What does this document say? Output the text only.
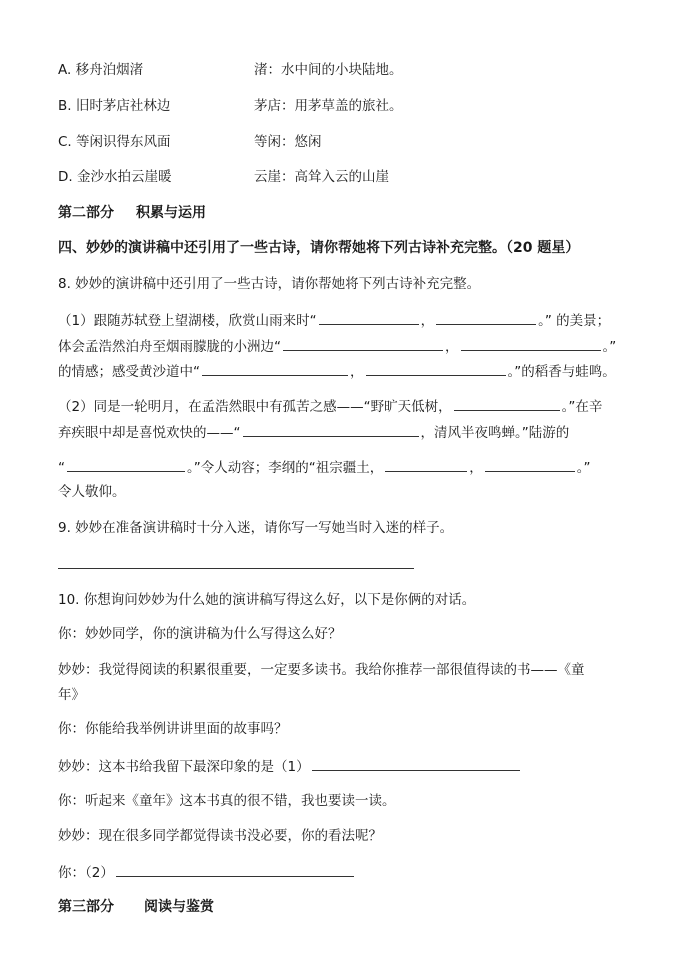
A. 移舟泊烟渚	渚：水中间的小块陆地。
B. 旧时茅店社林边	茅店：用茅草盖的旅社。
C. 等闲识得东风面	等闲：悠闲
D. 金沙水拍云崖暖	云崖：高耸入云的山崖
第二部分 积累与运用
四、妙妙的演讲稿中还引用了一些古诗，请你帮她将下列古诗补充完整。（20 题星）
8. 妙妙的演讲稿中还引用了一些古诗，请你帮她将下列古诗补充完整。
（1）跟随苏轼登上望湖楼，欣赏山雨来时“	，	。” 的美景；
体会孟浩然泊舟至烟雨朦胧的小洲边“	，	。”
的情感；感受黄沙道中“	，	。”的稻香与蛙鸣。
（2）同是一轮明月，在孟浩然眼中有孤苦之感——“野旷天低树，	。”在辛
弃疾眼中却是喜悦欢快的——“	，清风半夜鸣蝉。”陆游的
“	。”令人动容；李纲的“祖宗疆土，	，	。”
令人敬仰。
9. 妙妙在准备演讲稿时十分入迷，请你写一写她当时入迷的样子。
10. 你想询问妙妙为什么她的演讲稿写得这么好，以下是你俩的对话。
你：妙妙同学，你的演讲稿为什么写得这么好？
妙妙：我觉得阅读的积累很重要，一定要多读书。我给你推荐一部很值得读的书——《童
年》
你：你能给我举例讲讲里面的故事吗？
妙妙：这本书给我留下最深印象的是（1）
你：听起来《童年》这本书真的很不错，我也要读一读。
妙妙：现在很多同学都觉得读书没必要，你的看法呢？
你：（2）
第三部分 阅读与鉴赏
